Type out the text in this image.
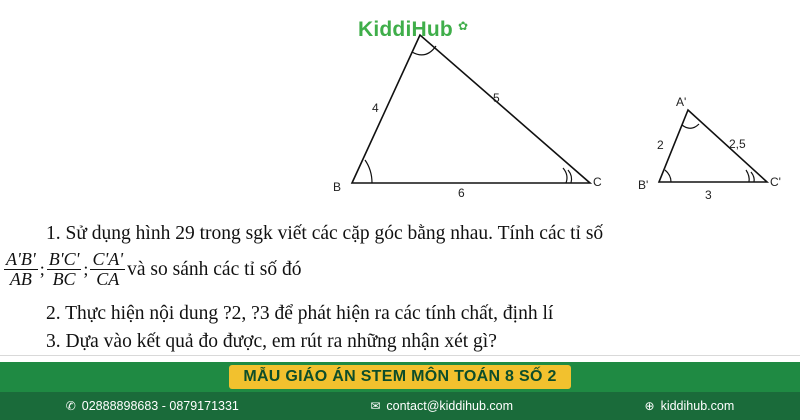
KiddiHub ✿
B	C
4
5
6
A'
B'	C'
2	2,5
3
1. Sử dụng hình 29 trong sgk viết các cặp góc bằng nhau. Tính các tỉ số
$\frac{A'B'}{AB}$ ; $\frac{B'C'}{BC}$ ; $\frac{C'A'}{CA}$ và so sánh các tỉ số đó
2. Thực hiện nội dung ?2, ?3 để phát hiện ra các tính chất, định lí
3. Dựa vào kết quả đo được, em rút ra những nhận xét gì?
MẪU GIÁO ÁN STEM MÔN TOÁN 8 SỐ 2
✆ 02888898683 - 0879171331	✉ contact@kiddihub.com	⊕ kiddihub.com
